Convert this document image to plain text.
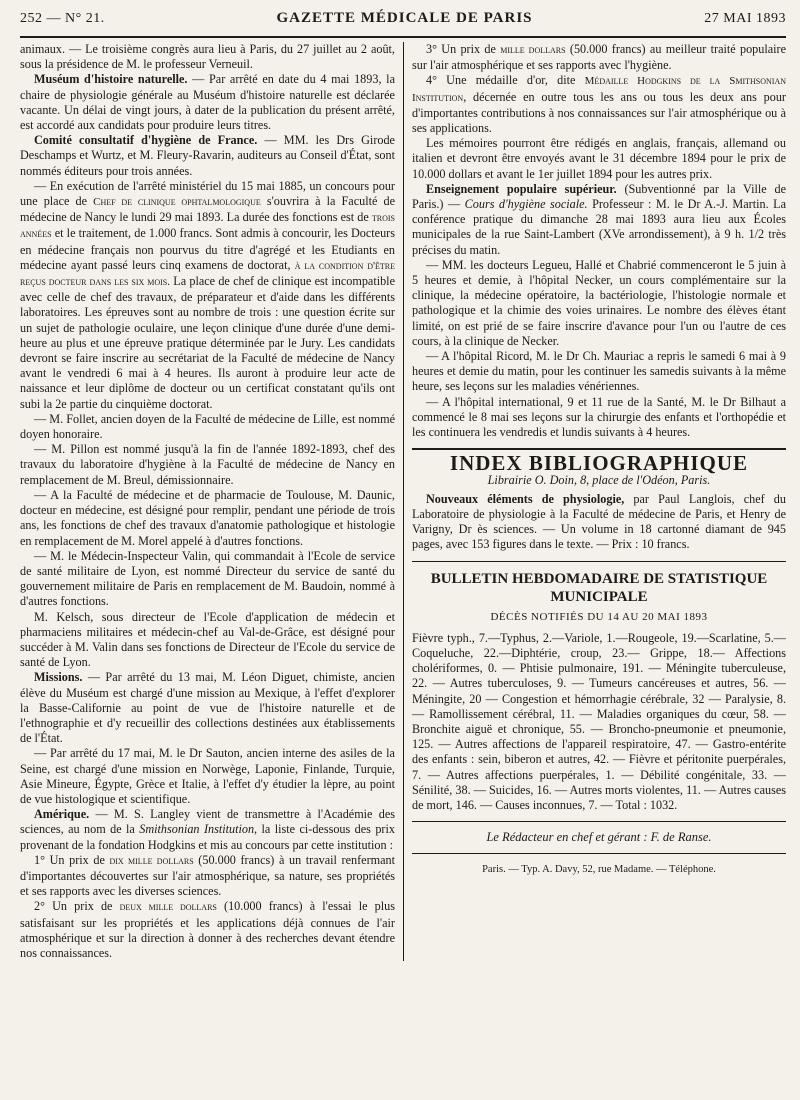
252 — N° 21.	GAZETTE MÉDICALE DE PARIS	27 MAI 1893

animaux. — Le troisième congrès aura lieu à Paris, du 27 juillet au 2 août, sous la présidence de M. le professeur Verneuil.

Muséum d'histoire naturelle. — Par arrêté en date du 4 mai 1893, la chaire de physiologie générale au Muséum d'histoire naturelle est déclarée vacante. Un délai de vingt jours, à dater de la publication du présent arrêté, est accordé aux candidats pour produire leurs titres.

Comité consultatif d'hygiène de France. — MM. les Drs Girode Deschamps et Wurtz, et M. Fleury-Ravarin, auditeurs au Conseil d'État, sont nommés éditeurs pour trois années.

— En exécution de l'arrêté ministériel du 15 mai 1885, un concours pour une place de Chef de clinique ophtalmologique s'ouvrira à la Faculté de médecine de Nancy le lundi 29 mai 1893. La durée des fonctions est de trois années et le traitement, de 1.000 francs. Sont admis à concourir, les Docteurs en médecine français non pourvus du titre d'agrégé et les Etudiants en médecine ayant passé leurs cinq examens de doctorat, à la condition d'être reçus docteur dans les six mois. La place de chef de clinique est incompatible avec celle de chef des travaux, de préparateur et d'aide dans les différents laboratoires. Les épreuves sont au nombre de trois : une question écrite sur un sujet de pathologie oculaire, une leçon clinique d'une durée d'une demi-heure au plus et une épreuve pratique déterminée par le Jury. Les candidats devront se faire inscrire au secrétariat de la Faculté de médecine de Nancy avant le vendredi 6 mai à 4 heures. Ils auront à produire leur acte de naissance et leur diplôme de docteur ou un certificat constatant qu'ils ont subi la 2e partie du cinquième doctorat.

— M. Follet, ancien doyen de la Faculté de médecine de Lille, est nommé doyen honoraire.

— M. Pillon est nommé jusqu'à la fin de l'année 1892-1893, chef des travaux du laboratoire d'hygiène à la Faculté de médecine de Nancy en remplacement de M. Breul, démissionnaire.

— A la Faculté de médecine et de pharmacie de Toulouse, M. Daunic, docteur en médecine, est désigné pour remplir, pendant une période de trois ans, les fonctions de chef des travaux d'anatomie pathologique et histologie en remplacement de M. Morel appelé à d'autres fonctions.

— M. le Médecin-Inspecteur Valin, qui commandait à l'Ecole de service de santé militaire de Lyon, est nommé Directeur du service de santé du gouvernement militaire de Paris en remplacement de M. Baudoin, nommé à d'autres fonctions.

M. Kelsch, sous directeur de l'Ecole d'application de médecin et pharmaciens militaires et médecin-chef au Val-de-Grâce, est désigné pour succéder à M. Valin dans ses fonctions de Directeur de l'Ecole du service de santé de Lyon.

Missions. — Par arrêté du 13 mai, M. Léon Diguet, chimiste, ancien élève du Muséum est chargé d'une mission au Mexique, à l'effet d'explorer la Basse-Californie au point de vue de l'histoire naturelle et de l'ethnographie et d'y recueillir des collections destinées aux établissements de l'État.

— Par arrêté du 17 mai, M. le Dr Sauton, ancien interne des asiles de la Seine, est chargé d'une mission en Norwège, Laponie, Finlande, Turquie, Asie Mineure, Égypte, Grèce et Italie, à l'effet d'y étudier la lèpre, au point de vue histologique et scientifique.

Amérique. — M. S. Langley vient de transmettre à l'Académie des sciences, au nom de la Smithsonian Institution, la liste ci-dessous des prix provenant de la fondation Hodgkins et mis au concours par cette institution :

1° Un prix de dix mille dollars (50.000 francs) à un travail renfermant d'importantes découvertes sur l'air atmosphérique, sa nature, ses propriétés et ses rapports avec les diverses sciences.

2° Un prix de deux mille dollars (10.000 francs) à l'essai le plus satisfaisant sur les propriétés et les applications déjà connues de l'air atmosphérique et sur la direction à donner à des recherches devant étendre nos connaissances.

3° Un prix de mille dollars (50.000 francs) au meilleur traité populaire sur l'air atmosphérique et ses rapports avec l'hygiène.

4° Une médaille d'or, dite Médaille Hodgkins de la Smithsonian Institution, décernée en outre tous les ans ou tous les deux ans pour d'importantes contributions à nos connaissances sur l'air atmosphérique ou à ses applications.

Les mémoires pourront être rédigés en anglais, français, allemand ou italien et devront être envoyés avant le 31 décembre 1894 pour le prix de 10.000 dollars et avant le 1er juillet 1894 pour les autres prix.

Enseignement populaire supérieur. (Subventionné par la Ville de Paris.) — Cours d'hygiène sociale. Professeur : M. le Dr A.-J. Martin. La conférence pratique du dimanche 28 mai 1893 aura lieu aux Écoles municipales de la rue Saint-Lambert (XVe arrondissement), à 9 h. 1/2 très précises du matin.

— MM. les docteurs Legueu, Hallé et Chabrié commenceront le 5 juin à 5 heures et demie, à l'hôpital Necker, un cours complémentaire sur la clinique, la médecine opératoire, la bactériologie, l'histologie normale et pathologique et la chimie des voies urinaires. Le nombre des élèves étant limité, on est prié de se faire inscrire d'avance pour l'un ou l'autre de ces cours, à la clinique de Necker.

— A l'hôpital Ricord, M. le Dr Ch. Mauriac a repris le samedi 6 mai à 9 heures et demie du matin, pour les continuer les samedis suivants à la même heure, ses leçons sur les maladies vénériennes.

— A l'hôpital international, 9 et 11 rue de la Santé, M. le Dr Bilhaut a commencé le 8 mai ses leçons sur la chirurgie des enfants et l'orthopédie et les continuera les vendredis et lundis suivants à 4 heures.

INDEX BIBLIOGRAPHIQUE
Librairie O. Doin, 8, place de l'Odéon, Paris.

Nouveaux éléments de physiologie, par Paul Langlois, chef du Laboratoire de physiologie à la Faculté de médecine de Paris, et Henry de Varigny, Dr ès sciences. — Un volume in 18 cartonné diamant de 945 pages, avec 153 figures dans le texte. — Prix : 10 francs.

BULLETIN HEBDOMADAIRE DE STATISTIQUE MUNICIPALE
DÉCÈS NOTIFIÉS DU 14 AU 20 MAI 1893

Fièvre typh., 7.—Typhus, 2.—Variole, 1.—Rougeole, 19.—Scarlatine, 5.— Coqueluche, 22.—Diphtérie, croup, 23.— Grippe, 18.— Affections cholériformes, 0. — Phtisie pulmonaire, 191. — Méningite tuberculeuse, 22. — Autres tuberculoses, 9. — Tumeurs cancéreuses et autres, 56. — Méningite, 20 — Congestion et hémorrhagie cérébrale, 32 — Paralysie, 8. — Ramollissement cérébral, 11. — Maladies organiques du cœur, 58. — Bronchite aiguë et chronique, 55. — Broncho-pneumonie et pneumonie, 125. — Autres affections de l'appareil respiratoire, 47. — Gastro-entérite des enfants : sein, biberon et autres, 42. — Fièvre et péritonite puerpérales, 7. — Autres affections puerpérales, 1. — Débilité congénitale, 33. —Sénilité, 38. — Suicides, 16. — Autres morts violentes, 11. — Autres causes de mort, 146. — Causes inconnues, 7. — Total : 1032.

Le Rédacteur en chef et gérant : F. de Ranse.
Paris. — Typ. A. Davy, 52, rue Madame. — Téléphone.
